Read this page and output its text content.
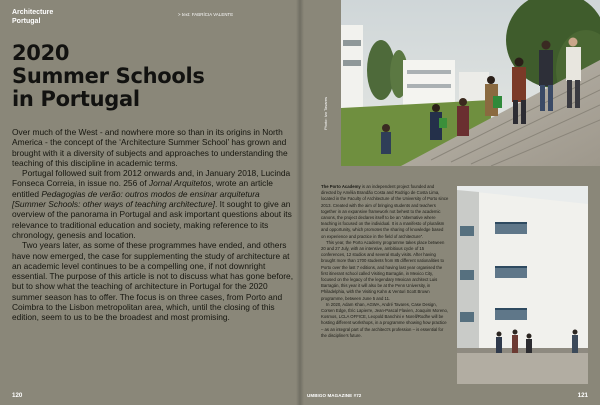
Architecture
Portugal
> text: FABRÍCIA VALENTE
2020
Summer Schools
in Portugal

Over much of the West - and nowhere more so than in its origins in North America - the concept of the ‘Architecture Summer School’ has grown and brought with it a diversity of subjects and approaches to understanding the teaching of this discipline in academic terms.

Portugal followed suit from 2012 onwards and, in January 2018, Lucinda Fonseca Correia, in issue no. 256 of Jornal Arquitetos, wrote an article entitled Pedagogias de verão: outros modos de ensinar arquitetura [Summer Schools: other ways of teaching architecture]. It sought to give an overview of the panorama in Portugal and ask important questions about its relevance to traditional education and society, making reference to its chronology, genesis and location.

Two years later, as some of these programmes have ended, and others have now emerged, the case for supplementing the study of architecture at an academic level continues to be a compelling one, if not downright essential. The purpose of this article is not to discuss what has gone before, but to show what the teaching of architecture in Portugal for the 2020 summer season has to offer. The focus is on three cases, from Porto and Coimbra to the Lisbon metropolitan area, which, until the closing of this edition, seem to us to be the broadest and most promising.

120
Photo: Ivo Tavares

The Porto Academy is an independent project founded and directed by Amélia Brandão Costa and Rodrigo de Costa Lima, located in the Faculty of Architecture of the University of Porto since 2013. Created with the aim of bringing students and teachers together in an expansive framework not behest to the academic canons, the project declares itself to be an “alternative where teaching is focused on the individual. It is a manifesto of pluralism and opportunity, which promotes the sharing of knowledge based on experience and practice in the field of architecture”.

This year, the Porto Academy programme takes place between 20 and 27 July, with an intensive, ambitious cycle of 15 conferences, 12 studios and several study visits. After having brought more than 1700 students from 85 different nationalities to Porto over the last 7 editions, and having last year organised the first itinerant school called Visiting Barragán, in Mexico City, focused on the legacy of the legendary Mexican architect Luis Barragán, this year it will also be at the Penn University, in Philadelphia, with the Visiting Kahn & Venturi Scott Brown programme, between June 5 and 11.

In 2020, Adam Khan, AGWA, André Tavares, Case Design, Corsen Edge, Éric Lapierre, Jean-Pascal Flavien, Joaquim Moreno, Kosmos, LCLA OFFICE, Leopold Banchini e Norell/Rodhe will be hosting different workshops, in a programme showing how practice – as an integral part of the architect’s profession – is essential for the discipline’s future.

UMBIGO MAGAZINE #72	121
